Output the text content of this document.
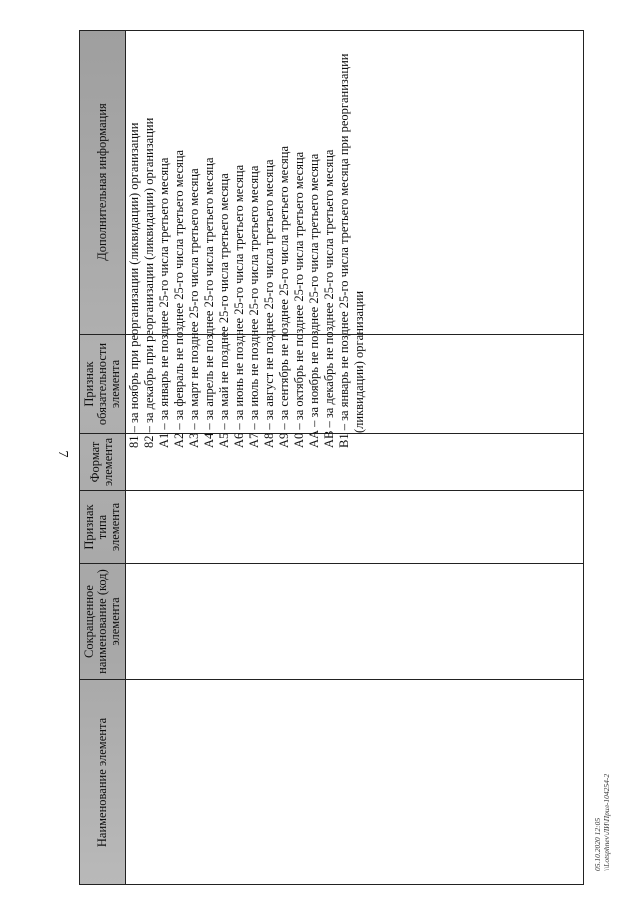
7
Наименование элемента
Сокращенное наименование (код) элемента
Признак типа элемента
Формат элемента
Признак обязательности элемента
Дополнительная информация	81 – за ноябрь при реорганизации (ликвидации) организации 82 – за декабрь при реорганизации (ликвидации) организации А1 – за январь не позднее 25-го числа третьего месяца А2 – за февраль не позднее 25-го числа третьего месяца А3 – за март не позднее 25-го числа третьего месяца А4 – за апрель не позднее 25-го числа третьего месяца А5 – за май не позднее 25-го числа третьего месяца А6 – за июнь не позднее 25-го числа третьего месяца А7 – за июль не позднее 25-го числа третьего месяца А8 – за август не позднее 25-го числа третьего месяца А9 – за сентябрь не позднее 25-го числа третьего месяца А0 – за октябрь не позднее 25-го числа третьего месяца АА – за ноябрь не позднее 25-го числа третьего месяца АВ – за декабрь не позднее 25-го числа третьего месяца В1 – за январь не позднее 25-го числа третьего месяца при реорганизации (ликвидации) организации
05.10.2020 12:05 \\Lotsphnev\ЛИ\Прил-104254-2
